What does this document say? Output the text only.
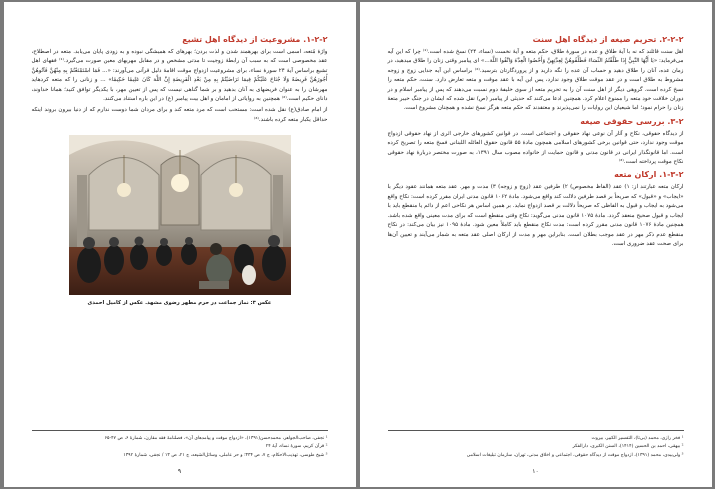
۱-۲-۲. مشروعیت از دیدگاه اهل تشیع

واژهٔ مُتعه، اسمی است برای بهرهمند شدن و لذت بردن؛ بهرهای که همیشگی نبوده و به زودی پایان می‌یابد. متعه در اصطلاح، عقد مخصوصی است که به سبب آن رابطهٔ زوجیت تا مدتی مشخص و در مقابل مهریهای معین صورت می‌گیرد.⁽¹⁾ فقهای اهل تشیع براساس آیهٔ ۲۴ سورهٔ نساء، برای مشروعیت ازدواج موقت اقامهٔ دلیل قرآنی می‌آورند: «... فَمَا اسْتَمْتَعْتُمْ بِهِ مِنْهُنَّ فَآتُوهُنَّ أُجُورَهُنَّ فَرِيضَةً وَلَا جُنَاحَ عَلَيْكُمْ فِيمَا تَرَاضَيْتُمْ بِهِ مِنْ بَعْدِ الْفَرِيضَةِ إِنَّ اللَّهَ كَانَ عَلِيمًا حَكِيمًا» ... و زنانی را که متعه کردهاید مهرشان را به عنوان فریضهای به آنان بدهید و بر شما گناهی نیست که پس از تعیین مهر، با یکدیگر توافق کنید؛ همانا خداوند، دانای حکیم است.⁽²⁾ همچنین به روایاتی از امامان و اهل بیت پیامبر (ع) در این باره استناد می‌کنند.

از امام صادق(ع) نقل شده است: مستحب است که مرد متعه کند و برای مردان شما دوست ندارم که از دنیا بیرون بروند اینکه حداقل یکبار متعه کرده باشند.⁽³⁾

عکس ۳: نماز جماعت در حرم مطهر رضوی مشهد. عکس از کامیل احمدی
¹ نجفی، صاحب‌الجواهر، محمدحسن(۱۳۹۱)، «ازدواج موقت و پیامدهای آن»، فصلنامهٔ فقه مقارن، شمارهٔ ۶، ص ۴۷-۶۵
² قرآن کریم، سورهٔ نساء، آیهٔ ۲۴
³ شیخ طوسی، تهذیب‌الاحکام، ج ۷، ص ۳۳۴؛ و حر عاملی، وسائل‌الشیعه، ج ۲۱، ص ۱۳ / نجفی، شمارهٔ ۱۳۹۲
۹
۲-۲-۲. تحریم صیغه از دیدگاه اهل سنت

اهل سنت قائلند که نه با آیهٔ طلاق و عده در سورهٔ طلاق، حکم متعه و آیهٔ نخست (نساء، ۲۴) نسخ شده است.⁽¹⁾ چرا که این آیه می‌فرماید: «يَا أَيُّهَا النَّبِيُّ إِذَا طَلَّقْتُمُ النِّسَاءَ فَطَلِّقُوهُنَّ لِعِدَّتِهِنَّ وَأَحْصُوا الْعِدَّةَ وَاتَّقُوا اللَّهَ...» ای پیامبر وقتی زنان را طلاق میدهید، در زمان عده، آنان را طلاق دهید و حساب آن عده را نگه دارید و از پروردگارتان بترسید.⁽²⁾ براساس این آیه جدایی زوج و زوجه مشروط به طلاق است و در عقد موقت طلاق وجود ندارد، پس این آیه با عقد موقت و متعه تعارض دارد. سنت، حکم متعه را نسخ کرده است. گروهی دیگر از اهل سنت آن را به تحریم متعه از سوی خلیفهٔ دوم نسبت می‌دهند که پس از پیامبر اسلام و در دوران خلافت خود متعه را ممنوع اعلام کرد. همچنین ادعا می‌کنند که حدیثی از پیامبر (ص) نقل شده که ایشان در جنگ خیبر متعهٔ زنان را حرام نمود؛ اما شیعیان این روایات را نمی‌پذیرند و معتقدند که حکم متعه هرگز نسخ نشده و همچنان مشروع است.

۳-۲. بررسی حقوقی صیغه

از دیدگاه حقوقی، نکاح و آثار آن نوعی نهاد حقوقی و اجتماعی است. در قوانین کشورهای خارجی اثری از نهاد حقوقی ازدواج موقت وجود ندارد، حتی قوانین برخی کشورهای اسلامی همچون مادهٔ ۵۵ قانون حقوق العائله اللبنانی فسخ متعه را تصریح کرده است. اما قانونگذار ایرانی در قانون مدنی و قانون حمایت از خانواده مصوب سال ۱۳۹۱، به صورت مختصر دربارهٔ نهاد حقوقی نکاح موقت پرداخته است.⁽³⁾

۱-۳-۲. ارکان متعه

ارکان متعه عبارتند از: ۱) عقد (الفاظ مخصوص) ۲) طرفین عقد (زوج و زوجه) ۳) مدت و مهر. عقد متعه همانند عقود دیگر با «ایجاب» و «قبول» که صریحاً بر قصد طرفین دلالت کند واقع می‌شود. مادهٔ ۱۰۶۲ قانون مدنی ایران مقرر کرده است: نکاح واقع می‌شود به ایجاب و قبول به الفاظی که صریحاً دلالت بر قصد ازدواج نماید. بر همین اساس هر نکاحی اعم از دائم یا منقطع باید با ایجاب و قبول صحیح منعقد گردد. مادهٔ ۱۰۷۵ قانون مدنی می‌گوید: نکاح وقتی منقطع است که برای مدت معینی واقع شده باشد. همچنین مادهٔ ۱۰۷۶ قانون مدنی مقرر کرده است: مدت نکاح منقطع باید کاملاً معین شود. مادهٔ ۱۰۹۵ نیز بیان می‌کند: در نکاح منقطع عدم ذکر مهر در عقد موجب بطلان است. بنابراین مهر و مدت از ارکان اصلی عقد متعه به شمار می‌آیند و تعیین آن‌ها برای صحت عقد ضروری است.

¹ فخر رازی، محمد (بی‌تا)، التفسیر الکبیر، بیروت
² بیهقی، احمد بن الحسین (۱۴۱۴)، السنن الکبری، دارالفکر
³ ولی‌بیدی، محمد (۱۳۹۱)، ازدواج موقت از دیدگاه حقوقی، اجتماعی و اخلاق مدنی، تهران، سازمان تبلیغات اسلامی
۱۰
